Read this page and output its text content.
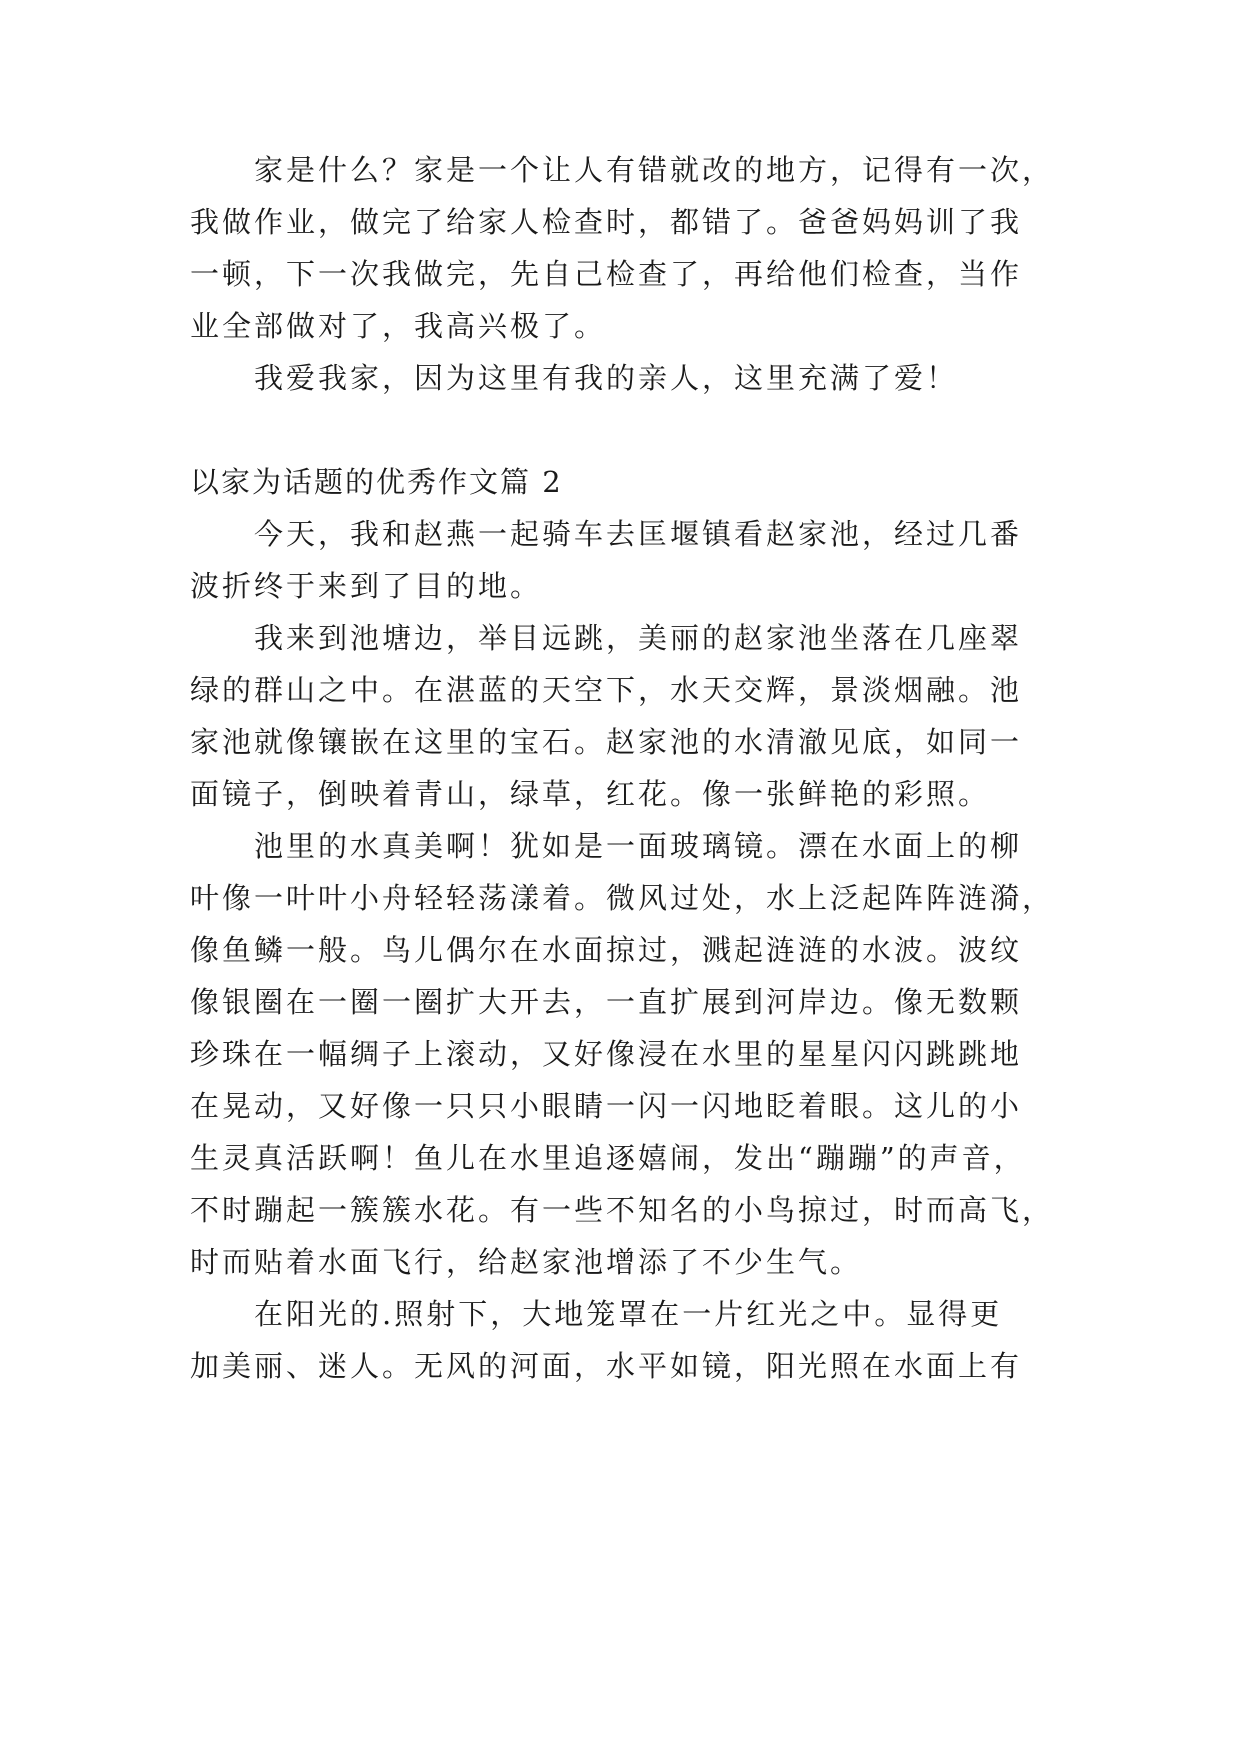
家是什么？家是一个让人有错就改的地方，记得有一次，
我做作业，做完了给家人检查时，都错了。爸爸妈妈训了我
一顿，下一次我做完，先自己检查了，再给他们检查，当作
业全部做对了，我高兴极了。
我爱我家，因为这里有我的亲人，这里充满了爱！
以家为话题的优秀作文篇 2
今天，我和赵燕一起骑车去匡堰镇看赵家池，经过几番
波折终于来到了目的地。
我来到池塘边，举目远跳，美丽的赵家池坐落在几座翠
绿的群山之中。在湛蓝的天空下，水天交辉，景淡烟融。池
家池就像镶嵌在这里的宝石。赵家池的水清澈见底，如同一
面镜子，倒映着青山，绿草，红花。像一张鲜艳的彩照。
池里的水真美啊！犹如是一面玻璃镜。漂在水面上的柳
叶像一叶叶小舟轻轻荡漾着。微风过处，水上泛起阵阵涟漪，
像鱼鳞一般。鸟儿偶尔在水面掠过，溅起涟涟的水波。波纹
像银圈在一圈一圈扩大开去，一直扩展到河岸边。像无数颗
珍珠在一幅绸子上滚动，又好像浸在水里的星星闪闪跳跳地
在晃动，又好像一只只小眼睛一闪一闪地眨着眼。这儿的小
生灵真活跃啊！鱼儿在水里追逐嬉闹，发出“蹦蹦”的声音，
不时蹦起一簇簇水花。有一些不知名的小鸟掠过，时而高飞，
时而贴着水面飞行，给赵家池增添了不少生气。
在阳光的.照射下，大地笼罩在一片红光之中。显得更
加美丽、迷人。无风的河面，水平如镜，阳光照在水面上有
